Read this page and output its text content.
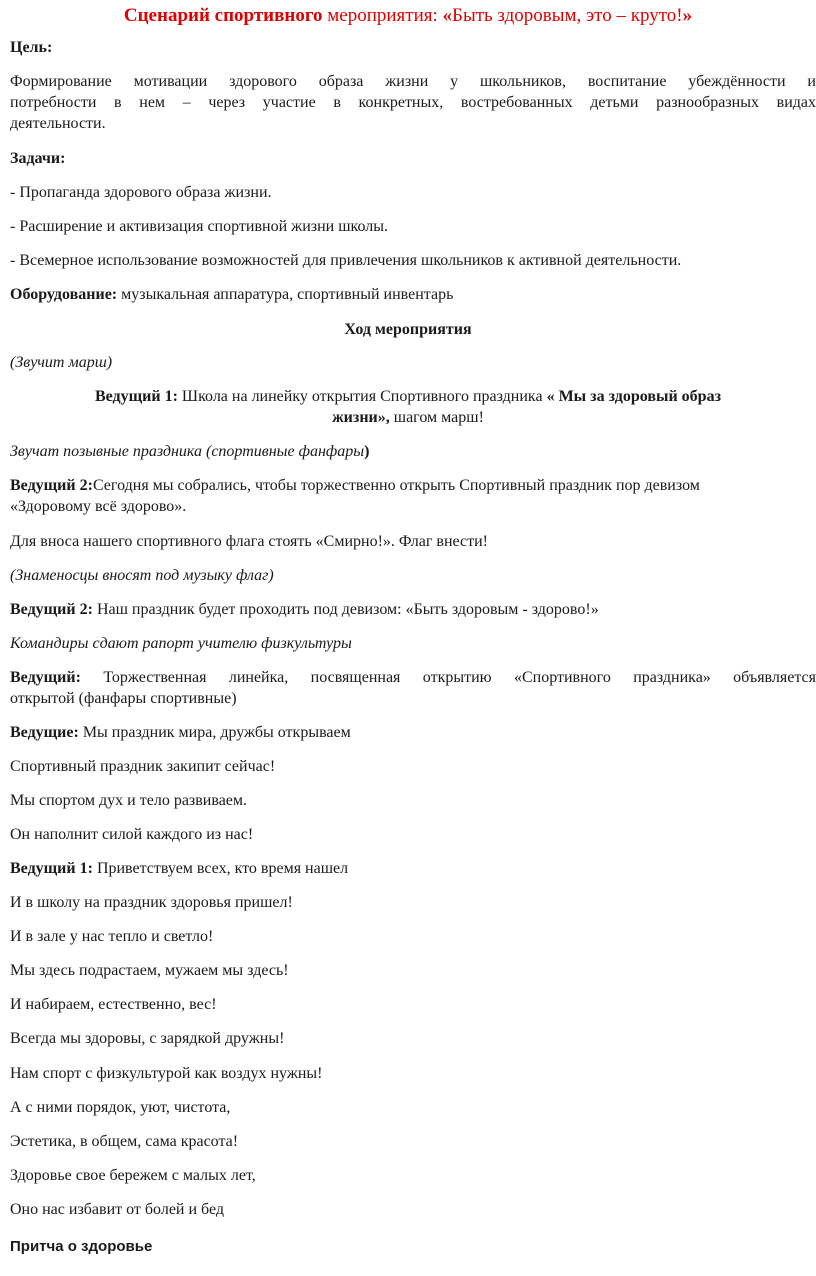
Сценарий спортивного мероприятия: «Быть здоровым, это – круто!»
Цель:
Формирование мотивации здорового образа жизни у школьников, воспитание убеждённости и
потребности в нем – через участие в конкретных, востребованных детьми разнообразных видах
деятельности.
Задачи:
- Пропаганда здорового образа жизни.
- Расширение и активизация спортивной жизни школы.
- Всемерное использование возможностей для привлечения школьников к активной деятельности.
Оборудование: музыкальная аппаратура, спортивный инвентарь
Ход мероприятия
(Звучит марш)
Ведущий 1: Школа на линейку открытия Спортивного праздника « Мы за здоровый образ
жизни», шагом марш!
Звучат позывные праздника (спортивные фанфары)
Ведущий 2:Сегодня мы собрались, чтобы торжественно открыть Спортивный праздник пор девизом
«Здоровому всё здорово».
Для вноса нашего спортивного флага стоять «Смирно!». Флаг внести!
(Знаменосцы вносят под музыку флаг)
Ведущий 2: Наш праздник будет проходить под девизом: «Быть здоровым - здорово!»
Командиры сдают рапорт учителю физкультуры
Ведущий: Торжественная линейка, посвященная открытию «Спортивного праздника» объявляется
открытой (фанфары спортивные)
Ведущие: Мы праздник мира, дружбы открываем
Спортивный праздник закипит сейчас!
Мы спортом дух и тело развиваем.
Он наполнит силой каждого из нас!
Ведущий 1: Приветствуем всех, кто время нашел
И в школу на праздник здоровья пришел!
И в зале у нас тепло и светло!
Мы здесь подрастаем, мужаем мы здесь!
И набираем, естественно, вес!
Всегда мы здоровы, с зарядкой дружны!
Нам спорт с физкультурой как воздух нужны!
А с ними порядок, уют, чистота,
Эстетика, в общем, сама красота!
Здоровье свое бережем с малых лет,
Оно нас избавит от болей и бед
Притча о здоровье
